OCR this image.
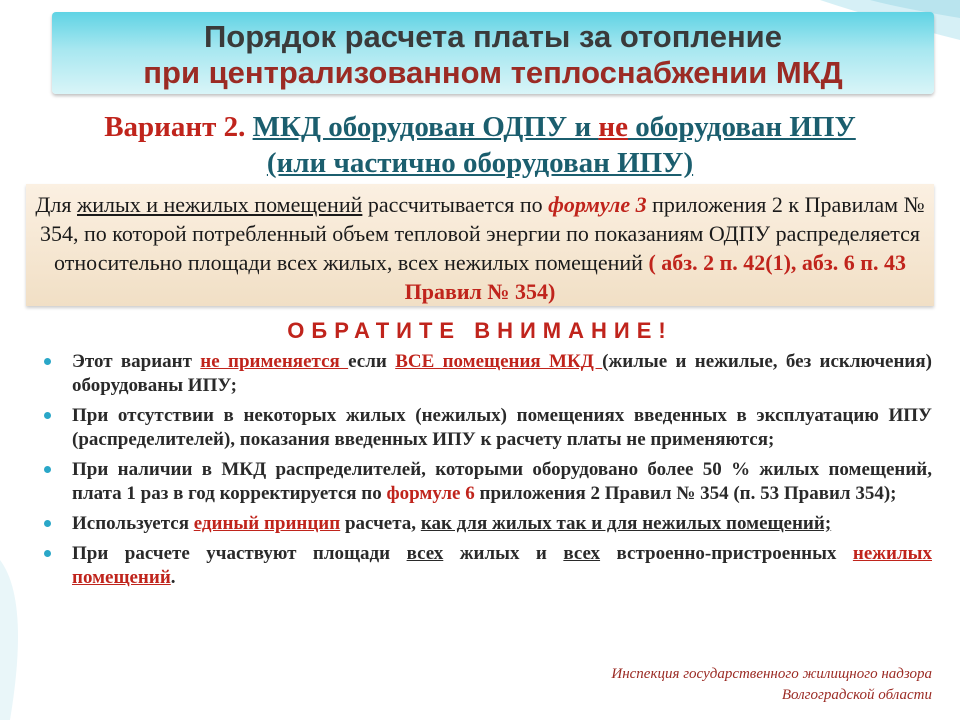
Порядок расчета платы за отопление
при централизованном теплоснабжении МКД
Вариант 2. МКД оборудован ОДПУ и не оборудован ИПУ
(или частично оборудован ИПУ)
Для жилых и нежилых помещений рассчитывается по формуле 3 приложения 2 к Правилам № 354, по которой потребленный объем тепловой энергии по показаниям ОДПУ распределяется относительно площади всех жилых, всех нежилых помещений ( абз. 2 п. 42(1), абз. 6 п. 43 Правил № 354)
ОБРАТИТЕ ВНИМАНИЕ!
Этот вариант не применяется если ВСЕ помещения МКД (жилые и нежилые, без исключения) оборудованы ИПУ;
При отсутствии в некоторых жилых (нежилых) помещениях введенных в эксплуатацию ИПУ (распределителей), показания введенных ИПУ к расчету платы не применяются;
При наличии в МКД распределителей, которыми оборудовано более 50 % жилых помещений, плата 1 раз в год корректируется по формуле 6 приложения 2 Правил № 354 (п. 53 Правил 354);
Используется единый принцип расчета, как для жилых так и для нежилых помещений;
При расчете участвуют площади всех жилых и всех встроенно-пристроенных нежилых помещений.
Инспекция государственного жилищного надзора
Волгоградской области
